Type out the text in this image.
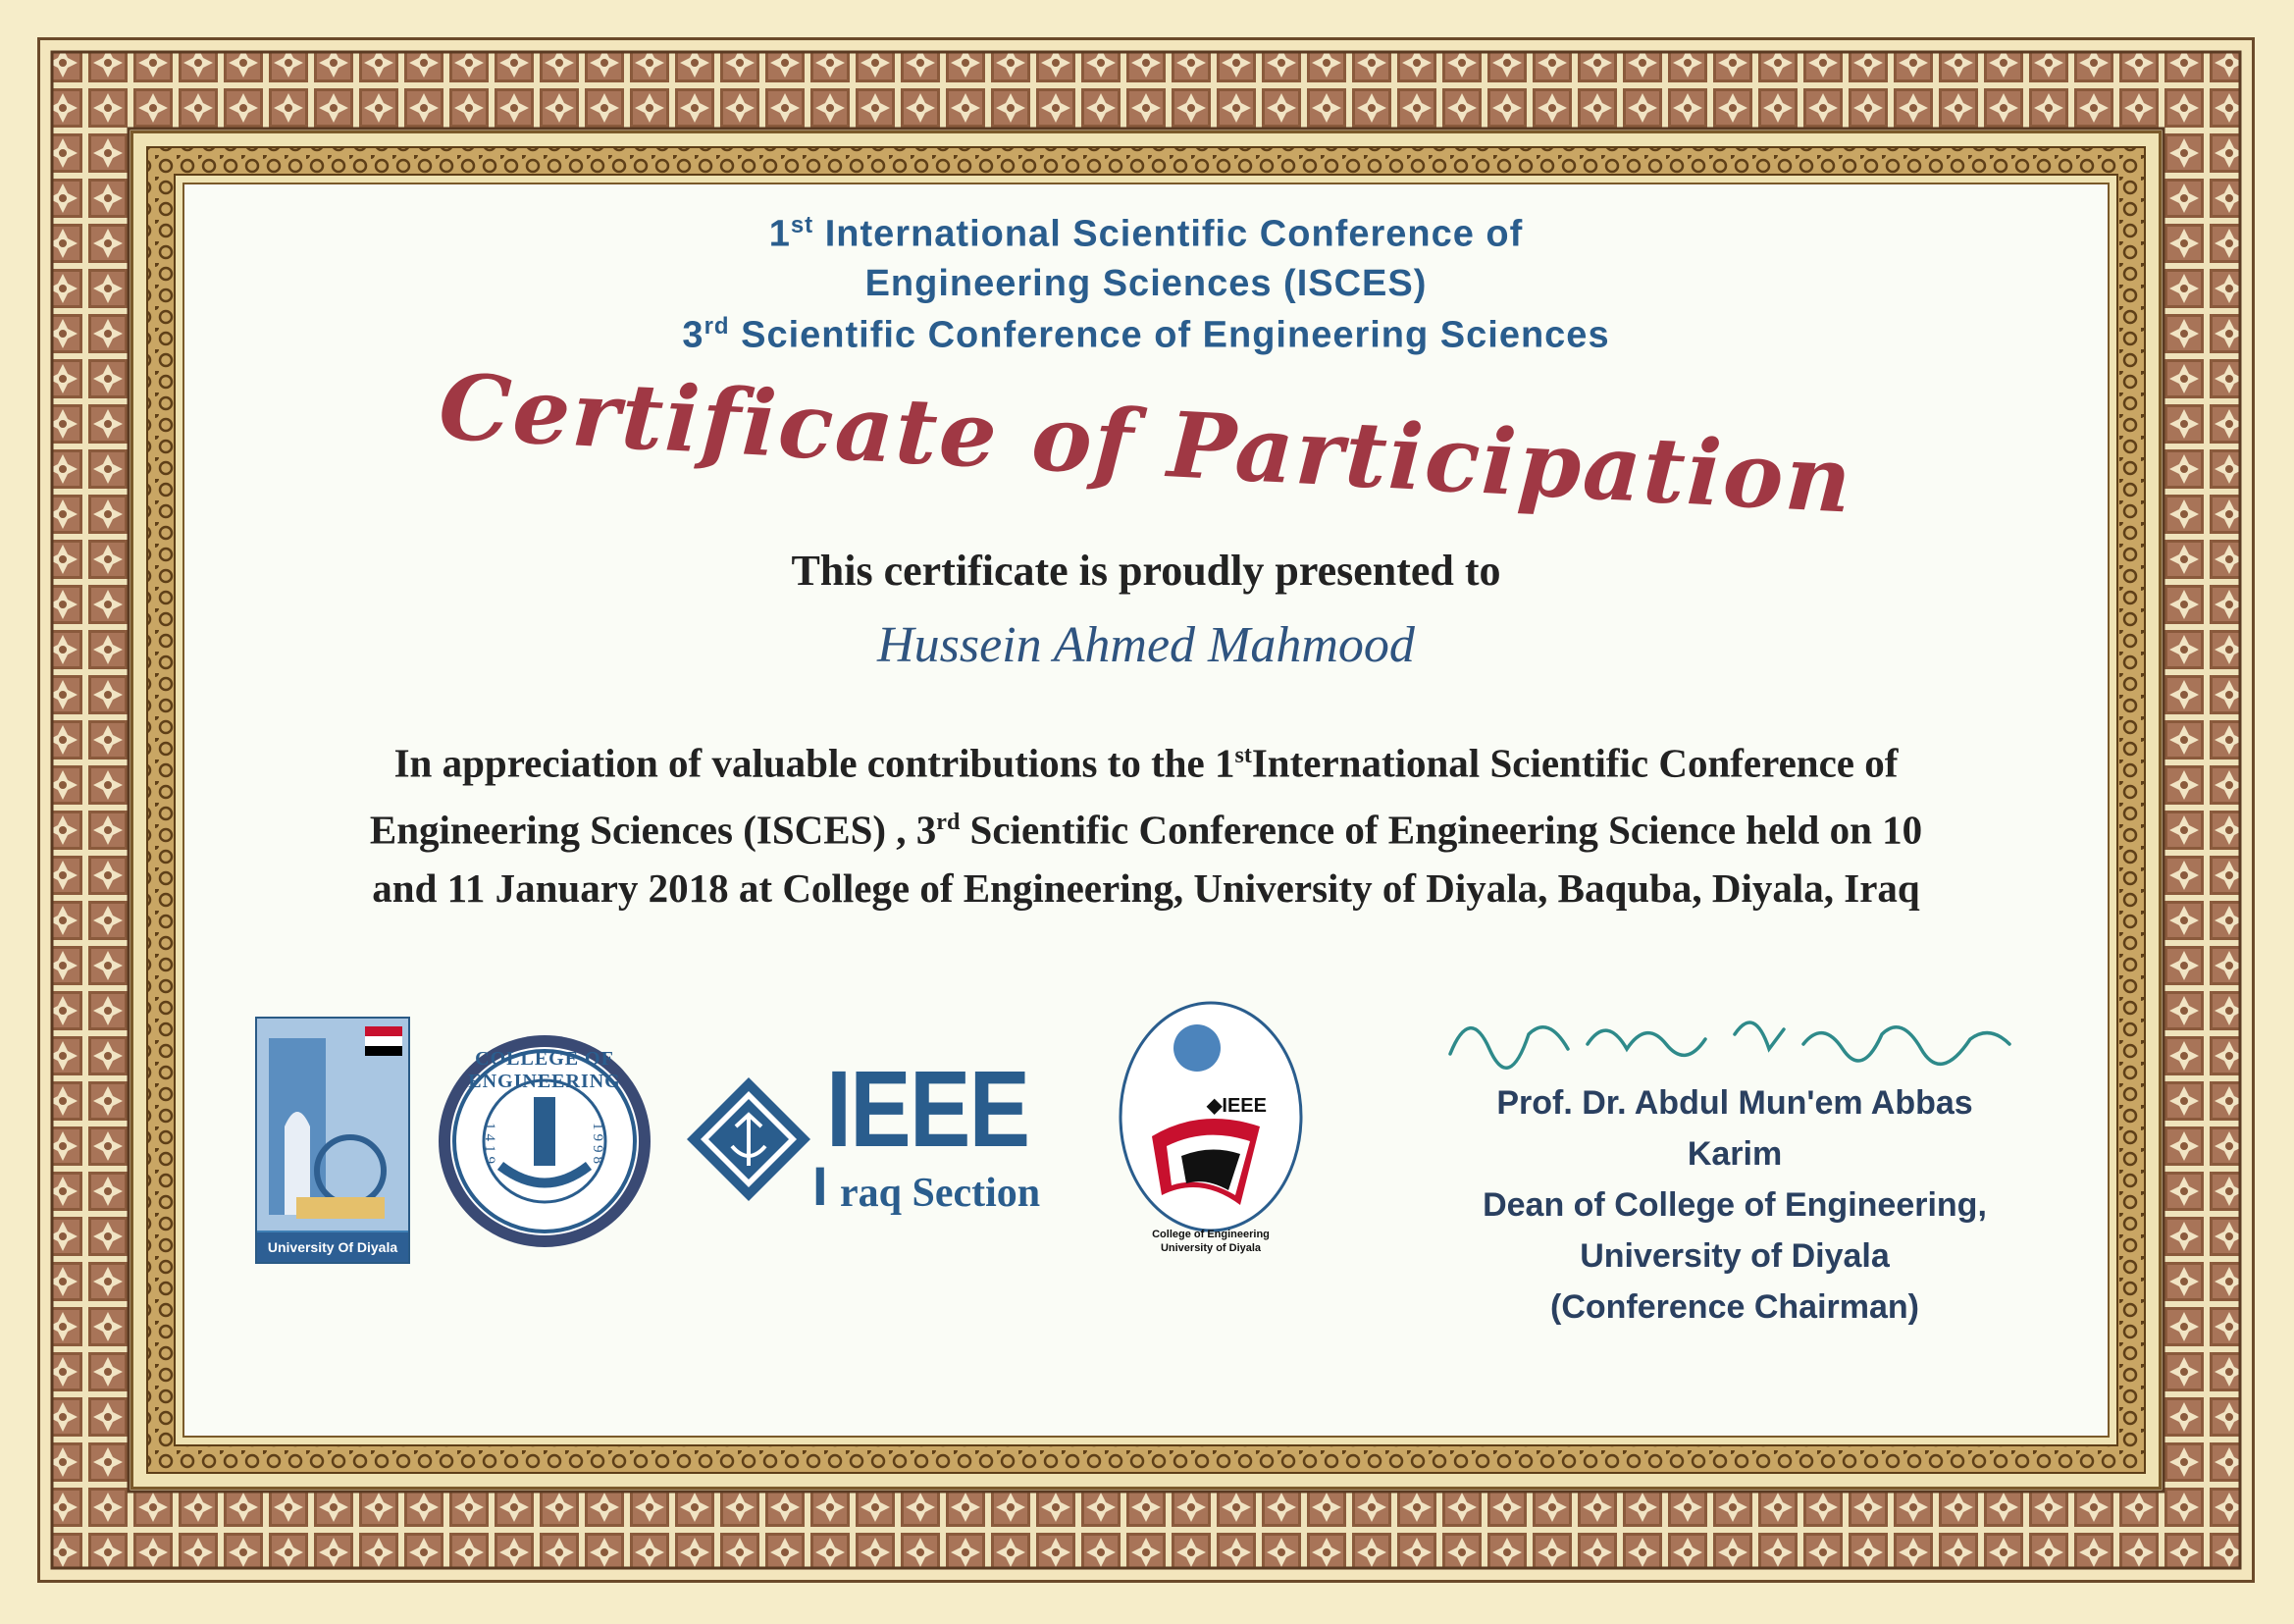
1st International Scientific Conference of
Engineering Sciences (ISCES)
3rd Scientific Conference of Engineering Sciences
Certificate of Participation
This certificate is proudly presented to
Hussein Ahmed Mahmood
In appreciation of valuable contributions to the 1stInternational Scientific Conference of Engineering Sciences (ISCES) , 3rd Scientific Conference of Engineering Science held on 10 and 11 January 2018 at College of Engineering, University of Diyala, Baquba, Diyala, Iraq
University Of Diyala
COLLEGE OF ENGINEERING
1419	1998 IEEE
I raq Section
◆IEEE
College of Engineering
University of Diyala
Prof. Dr. Abdul Mun'em Abbas Karim
Dean of College of Engineering,
University of Diyala
(Conference Chairman)
